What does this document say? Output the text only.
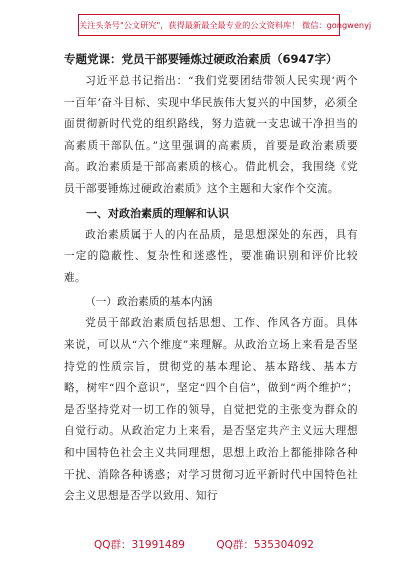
关注头条号"公文研究"，获得最新最全最专业的公文资料库！ 微信：gongwenyj
专题党课：党员干部要锤炼过硬政治素质（6947字）

习近平总书记指出：“我们党要团结带领人民实现‘两个一百年’奋斗目标、实现中华民族伟大复兴的中国梦，必须全面贯彻新时代党的组织路线，努力造就一支忠诚干净担当的高素质干部队伍。”这里强调的高素质，首要是政治素质要高。政治素质是干部高素质的核心。借此机会，我围绕《党员干部要锤炼过硬政治素质》这个主题和大家作个交流。

一、对政治素质的理解和认识

政治素质属于人的内在品质，是思想深处的东西，具有一定的隐蔽性、复杂性和迷惑性，要准确识别和评价比较难。

（一）政治素质的基本内涵

党员干部政治素质包括思想、工作、作风各方面。具体来说，可以从“六个维度”来理解。从政治立场上来看是否坚持党的性质宗旨，贯彻党的基本理论、基本路线、基本方略，树牢“四个意识”，坚定“四个自信”，做到“两个维护”；是否坚持党对一切工作的领导，自觉把党的主张变为群众的自觉行动。从政治定力上来看，是否坚定共产主义远大理想和中国特色社会主义共同理想，思想上政治上都能排除各种干扰、消除各种诱惑；对学习贯彻习近平新时代中国特色社会主义思想是否学以致用、知行

QQ群：31991489	QQ群：535304092
